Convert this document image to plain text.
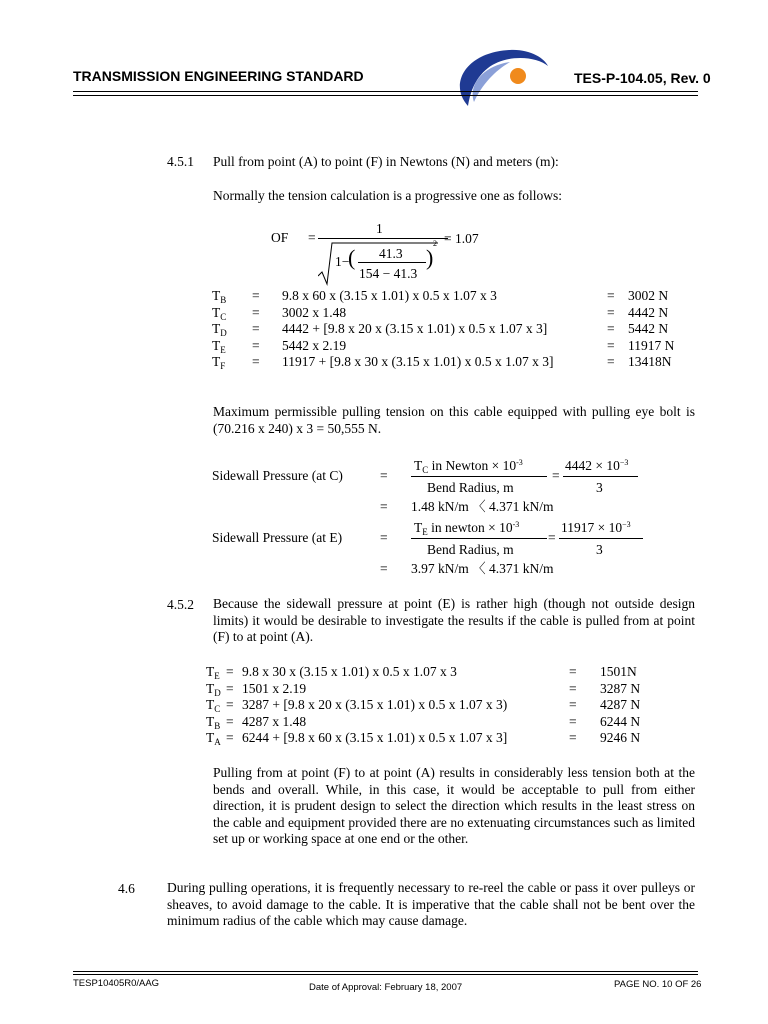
TRANSMISSION ENGINEERING STANDARD	TES-P-104.05, Rev. 0
4.5.1 Pull from point (A) to point (F) in Newtons (N) and meters (m):
Normally the tension calculation is a progressive one as follows:
OF =
1
1−
( 41.3
154 − 41.3
)
2 = 1.07
$T_B$	=	9.8 x 60 x (3.15 x 1.01) x 0.5 x 1.07 x 3	=	3002 N
$T_C$	=	3002 x 1.48	=	4442 N
$T_D$	=	4442 + [9.8 x 20 x (3.15 x 1.01) x 0.5 x 1.07 x 3]	=	5442 N
$T_E$	=	5442 x 2.19	=	11917 N
$T_F$	=	11917 + [9.8 x 30 x (3.15 x 1.01) x 0.5 x 1.07 x 3]	=	13418N
Maximum permissible pulling tension on this cable equipped with pulling eye bolt is (70.216 x 240) x 3 = 50,555 N.
Sidewall Pressure (at C)	=
$T_C$ in Newton × $10^{-3}$
Bend Radius, m
=
$4442 \times 10^{-3}$
3
= 1.48 kN/m 〈 4.371 kN/m
Sidewall Pressure (at E)	=
$T_E$ in newton × $10^{-3}$
Bend Radius, m
=
$11917 \times 10^{-3}$
3
= 3.97 kN/m 〈 4.371 kN/m
4.5.2 Because the sidewall pressure at point (E) is rather high (though not outside design limits) it would be desirable to investigate the results if the cable is pulled from at point (F) to at point (A).
$T_E$	=	9.8 x 30 x (3.15 x 1.01) x 0.5 x 1.07 x 3	=	1501N
$T_D$	=	1501 x 2.19	=	3287 N
$T_C$	=	3287 + [9.8 x 20 x (3.15 x 1.01) x 0.5 x 1.07 x 3)	=	4287 N
$T_B$	=	4287 x 1.48	=	6244 N
$T_A$	=	6244 + [9.8 x 60 x (3.15 x 1.01) x 0.5 x 1.07 x 3]	=	9246 N
Pulling from at point (F) to at point (A) results in considerably less tension both at the bends and overall. While, in this case, it would be acceptable to pull from either direction, it is prudent design to select the direction which results in the least stress on the cable and equipment provided there are no extenuating circumstances such as limited set up or working space at one end or the other.
4.6 During pulling operations, it is frequently necessary to re-reel the cable or pass it over pulleys or sheaves, to avoid damage to the cable. It is imperative that the cable shall not be bent over the minimum radius of the cable which may cause damage.
TESP10405R0/AAG	Date of Approval: February 18, 2007	PAGE NO. 10 OF 26
